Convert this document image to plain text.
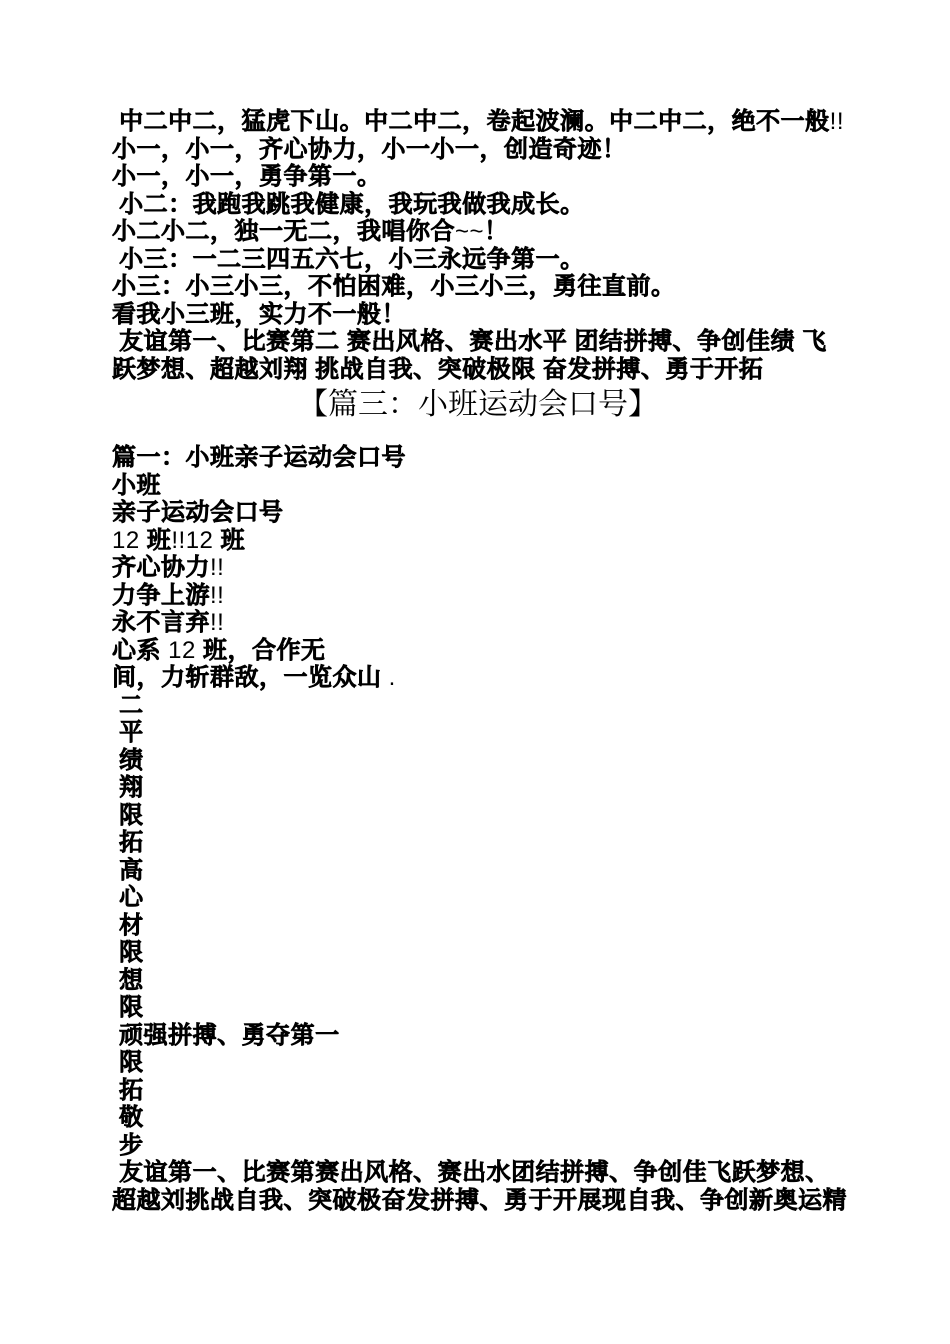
中二中二，猛虎下山。中二中二，卷起波澜。中二中二，绝不一般!!
小一，小一，齐心协力，小一小一，创造奇迹！
小一，小一，勇争第一。
小二：我跑我跳我健康，我玩我做我成长。
小二小二，独一无二，我唱你合~~！
小三：一二三四五六七，小三永远争第一。
小三：小三小三，不怕困难，小三小三，勇往直前。
看我小三班，实力不一般！
友谊第一、比赛第二 赛出风格、赛出水平 团结拼搏、争创佳绩 飞
跃梦想、超越刘翔 挑战自我、突破极限 奋发拼搏、勇于开拓
【篇三：小班运动会口号】
篇一：小班亲子运动会口号
小班
亲子运动会口号
12 班!!12 班
齐心协力!!
力争上游!!
永不言弃!!
心系 12 班，合作无
间，力斩群敌，一览众山 .
二
平
绩
翔
限
拓
高
心
材
限
想
限
顽强拼搏、勇夺第一
限
拓
敬
步
友谊第一、比赛第赛出风格、赛出水团结拼搏、争创佳飞跃梦想、
超越刘挑战自我、突破极奋发拼搏、勇于开展现自我、争创新奥运精
